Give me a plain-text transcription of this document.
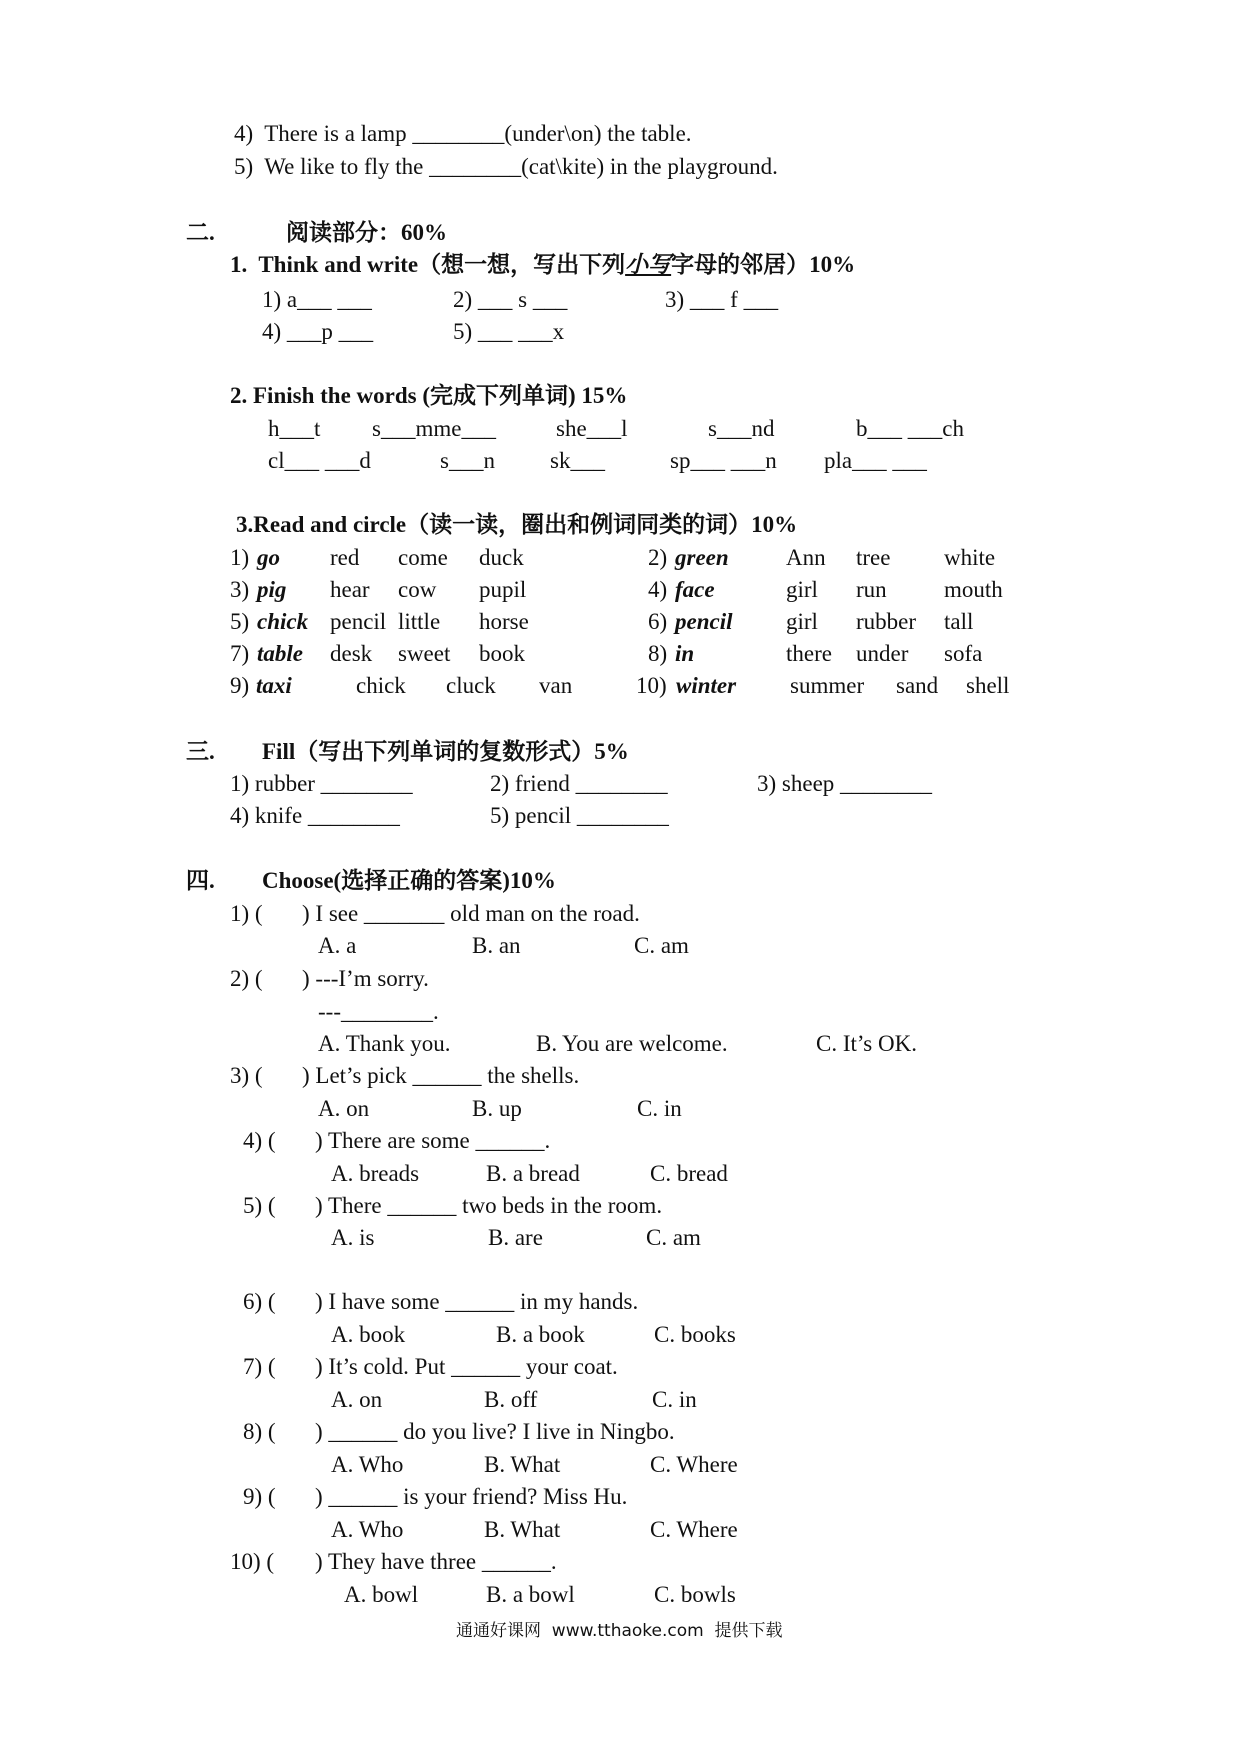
4)  There is a lamp ________(under\on) the table.
5)  We like to fly the ________(cat\kite) in the playground.
二.	阅读部分：60%
1.  Think and write（想一想，写出下列小写字母的邻居）10%
1) a___ ___	2) ___ s ___	3) ___ f ___
4) ___p ___	5) ___ ___x
2. Finish the words (完成下列单词) 15%
h___t s___mme___	she___l	s___nd	b___ ___ch
cl___ ___d	s___n sk___	sp___ ___n pla___ ___
3.Read and circle（读一读，圈出和例词同类的词）10%
1) go red come duck	2) green Ann tree white
3) pig hear cow pupil	4) face	girl run mouth
5) chick pencil little horse	6) pencil girl rubber tall
7) table desk sweet book	8) in	there under sofa
9) taxi	chick cluck van	10) winter summer sand shell
三. Fill（写出下列单词的复数形式）5%
1) rubber ________	2) friend ________	3) sheep ________
4) knife ________	5) pencil ________
四. Choose(选择正确的答案)10%
1) ( ) I see _______ old man on the road.
A. a	B. an	C. am
2) ( ) ---I’m sorry.
---________.
A. Thank you.	B. You are welcome.	C. It’s OK.
3) ( ) Let’s pick ______ the shells.
A. on	B. up	C. in
4) ( ) There are some ______.
A. breads	B. a bread	C. bread
5) ( ) There ______ two beds in the room.
A. is	B. are	C. am
6) ( ) I have some ______ in my hands.
A. book	B. a book	C. books
7) ( ) It’s cold. Put ______ your coat.
A. on	B. off	C. in
8) ( ) ______ do you live? I live in Ningbo.
A. Who	B. What	C. Where
9) ( ) ______ is your friend? Miss Hu.
A. Who	B. What	C. Where
10) ( ) They have three ______.
A. bowl	B. a bowl	C. bowls
通通好课网  www.tthaoke.com  提供下载
